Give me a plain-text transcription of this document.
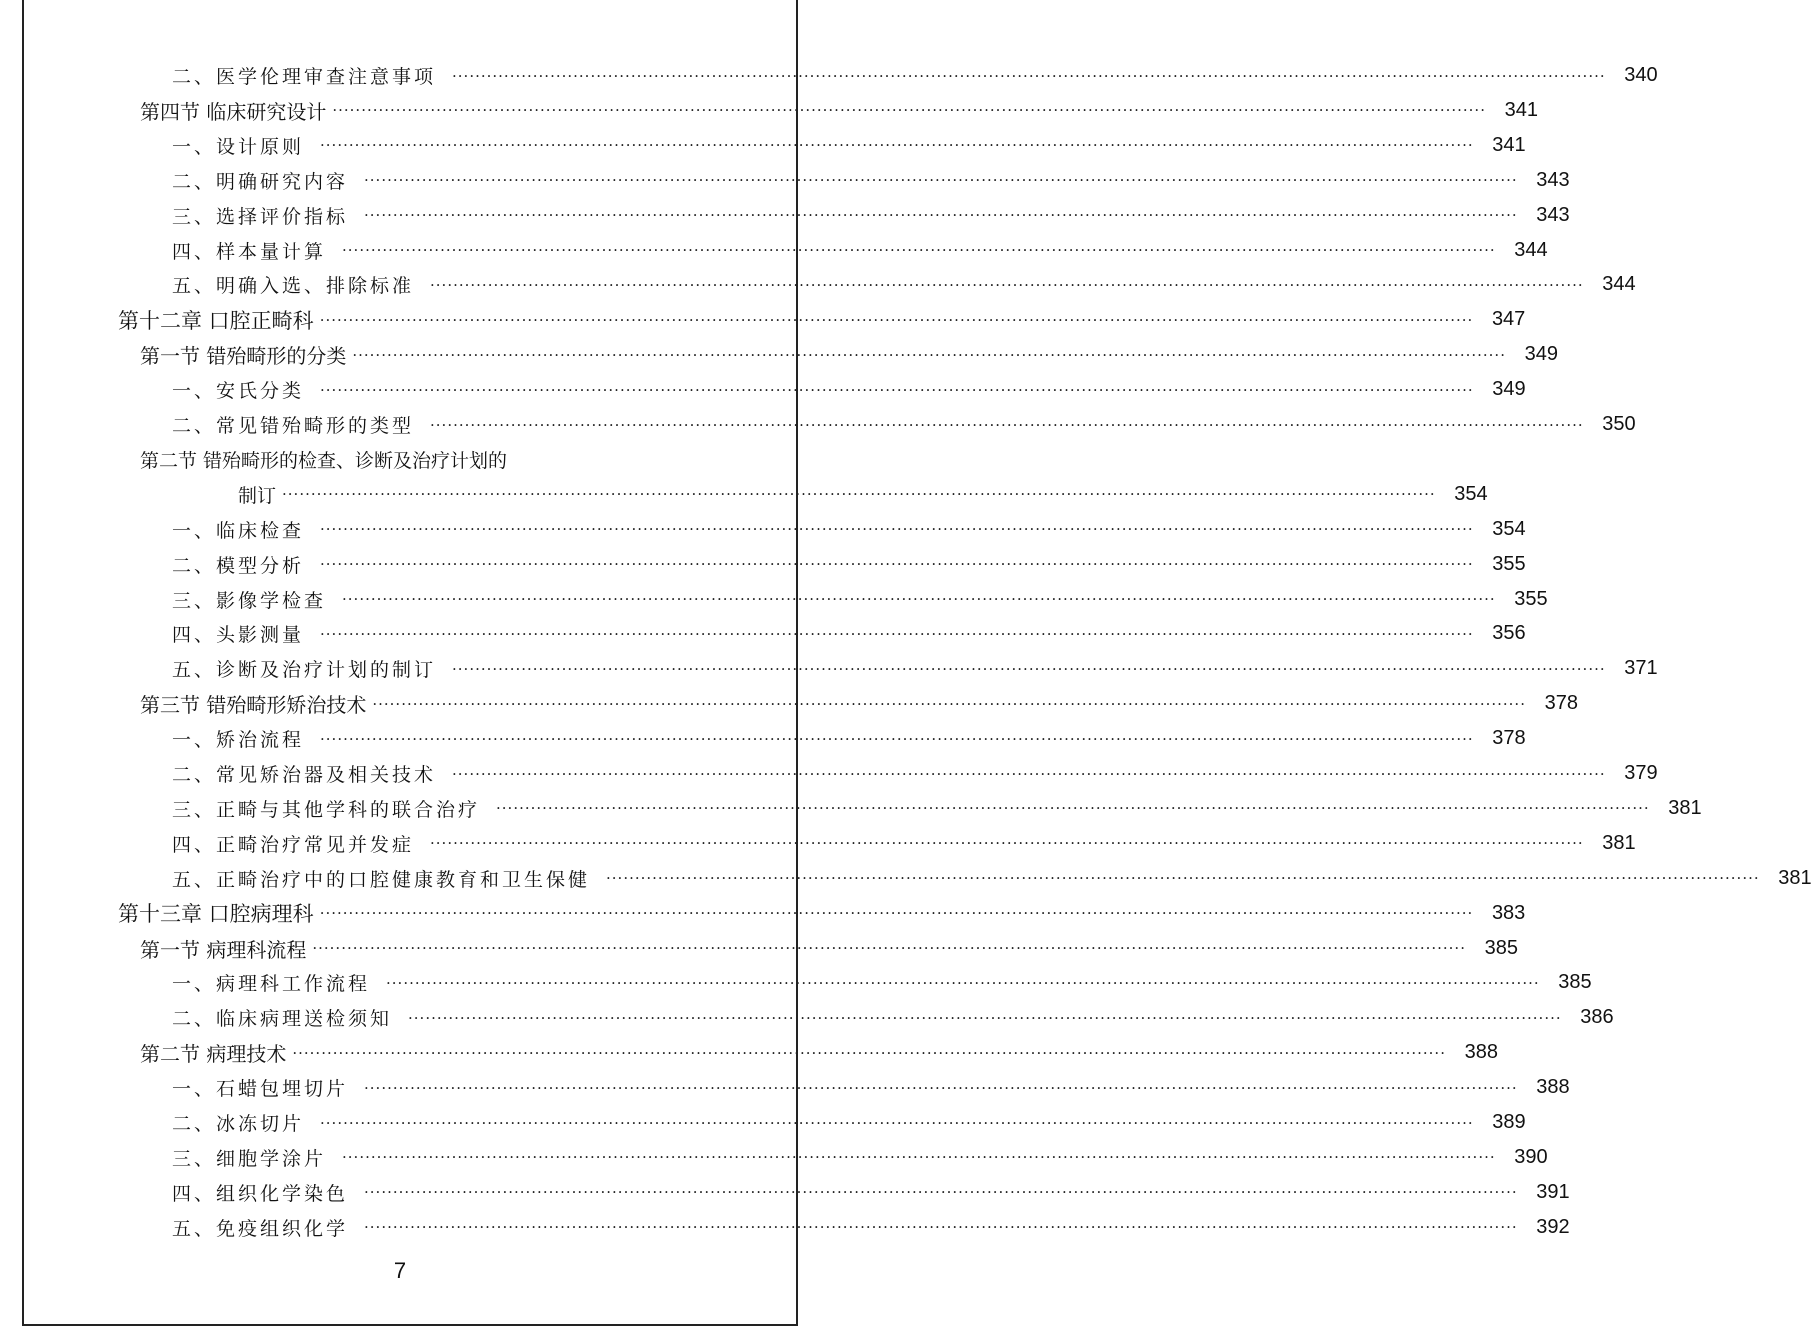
二、医学伦理审查注意事项 ········································································································································································································ 340
第四节 临床研究设计 ········································································································································································································ 341
一、设计原则 ········································································································································································································ 341
二、明确研究内容 ········································································································································································································ 343
三、选择评价指标 ········································································································································································································ 343
四、样本量计算 ········································································································································································································ 344
五、明确入选、排除标准 ········································································································································································································ 344
第十二章 口腔正畸科 ········································································································································································································ 347
第一节 错殆畸形的分类 ········································································································································································································ 349
一、安氏分类 ········································································································································································································ 349
二、常见错殆畸形的类型 ········································································································································································································ 350
第二节 错殆畸形的检查、诊断及治疗计划的
制订 ········································································································································································································ 354
一、临床检查 ········································································································································································································ 354
二、模型分析 ········································································································································································································ 355
三、影像学检查 ········································································································································································································ 355
四、头影测量 ········································································································································································································ 356
五、诊断及治疗计划的制订 ········································································································································································································ 371
第三节 错殆畸形矫治技术 ········································································································································································································ 378
一、矫治流程 ········································································································································································································ 378
二、常见矫治器及相关技术 ········································································································································································································ 379
三、正畸与其他学科的联合治疗 ········································································································································································································ 381
四、正畸治疗常见并发症 ········································································································································································································ 381
五、正畸治疗中的口腔健康教育和卫生保健 ········································································································································································································ 381
第十三章 口腔病理科 ········································································································································································································ 383
第一节 病理科流程 ········································································································································································································ 385
一、病理科工作流程 ········································································································································································································ 385
二、临床病理送检须知 ········································································································································································································ 386
第二节 病理技术 ········································································································································································································ 388
一、石蜡包埋切片 ········································································································································································································ 388
二、冰冻切片 ········································································································································································································ 389
三、细胞学涂片 ········································································································································································································ 390
四、组织化学染色 ········································································································································································································ 391
五、免疫组织化学 ········································································································································································································ 392
7
